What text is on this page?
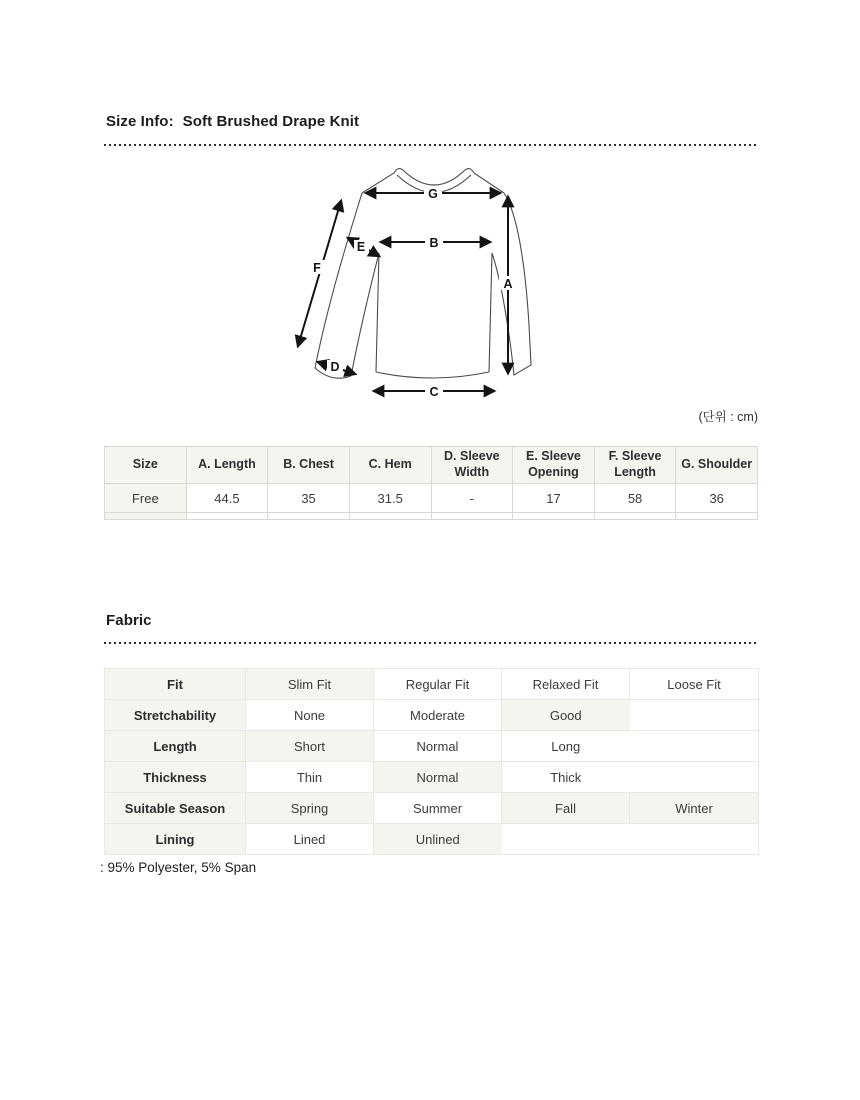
Size Info: Soft Brushed Drape Knit
G
B
A
C
F
E
D
(단위 : cm)
Size	A. Length	B. Chest	C. Hem	D. Sleeve Width	E. Sleeve Opening	F. Sleeve Length	G. Shoulder
Free	44.5	35	31.5	-	17	58	36

Fabric
Fit	Slim Fit	Regular Fit	Relaxed Fit	Loose Fit
Stretchability	None	Moderate	Good	
Length	Short	Normal	Long	
Thickness	Thin	Normal	Thick	
Suitable Season	Spring	Summer	Fall	Winter
Lining	Lined	Unlined		
: 95% Polyester, 5% Span
